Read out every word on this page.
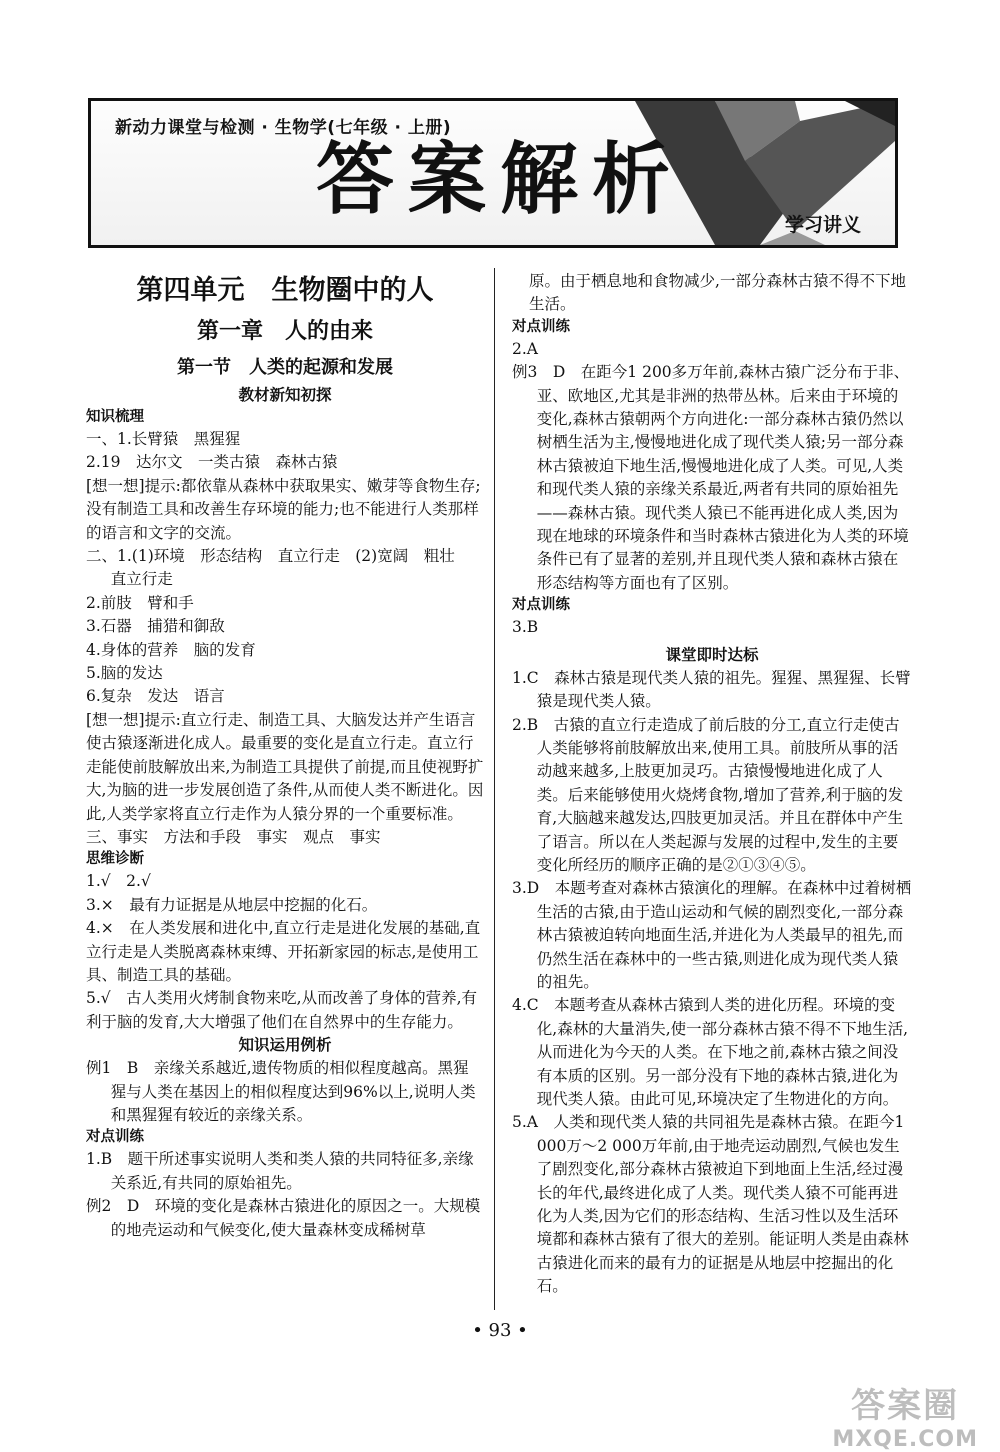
新动力课堂与检测 · 生物学(七年级 · 上册)
答案解析	学习讲义
第四单元　生物圈中的人
第一章　人的由来
第一节　人类的起源和发展
教材新知初探
知识梳理

一、1.长臂猿　黑猩猩

2.19　达尔文　一类古猿　森林古猿

[想一想]提示:都依靠从森林中获取果实、嫩芽等食物生存;没有制造工具和改善生存环境的能力;也不能进行人类那样的语言和文字的交流。

二、1.(1)环境　形态结构　直立行走　(2)宽阔　粗壮　直立行走

2.前肢　臂和手

3.石器　捕猎和御敌

4.身体的营养　脑的发育

5.脑的发达

6.复杂　发达　语言

[想一想]提示:直立行走、制造工具、大脑发达并产生语言使古猿逐渐进化成人。最重要的变化是直立行走。直立行走能使前肢解放出来,为制造工具提供了前提,而且使视野扩大,为脑的进一步发展创造了条件,从而使人类不断进化。因此,人类学家将直立行走作为人猿分界的一个重要标准。

三、事实　方法和手段　事实　观点　事实

思维诊断

1.√　2.√

3.×　最有力证据是从地层中挖掘的化石。

4.×　在人类发展和进化中,直立行走是进化发展的基础,直立行走是人类脱离森林束缚、开拓新家园的标志,是使用工具、制造工具的基础。

5.√　古人类用火烤制食物来吃,从而改善了身体的营养,有利于脑的发育,大大增强了他们在自然界中的生存能力。

知识运用例析

例1　B　亲缘关系越近,遗传物质的相似程度越高。黑猩猩与人类在基因上的相似程度达到96%以上,说明人类和黑猩猩有较近的亲缘关系。

对点训练

1.B　题干所述事实说明人类和类人猿的共同特征多,亲缘关系近,有共同的原始祖先。

例2　D　环境的变化是森林古猿进化的原因之一。大规模的地壳运动和气候变化,使大量森林变成稀树草

原。由于栖息地和食物减少,一部分森林古猿不得不下地生活。

对点训练

2.A

例3　D　在距今1 200多万年前,森林古猿广泛分布于非、亚、欧地区,尤其是非洲的热带丛林。后来由于环境的变化,森林古猿朝两个方向进化:一部分森林古猿仍然以树栖生活为主,慢慢地进化成了现代类人猿;另一部分森林古猿被迫下地生活,慢慢地进化成了人类。可见,人类和现代类人猿的亲缘关系最近,两者有共同的原始祖先——森林古猿。现代类人猿已不能再进化成人类,因为现在地球的环境条件和当时森林古猿进化为人类的环境条件已有了显著的差别,并且现代类人猿和森林古猿在形态结构等方面也有了区别。

对点训练

3.B

课堂即时达标

1.C　森林古猿是现代类人猿的祖先。猩猩、黑猩猩、长臂猿是现代类人猿。

2.B　古猿的直立行走造成了前后肢的分工,直立行走使古人类能够将前肢解放出来,使用工具。前肢所从事的活动越来越多,上肢更加灵巧。古猿慢慢地进化成了人类。后来能够使用火烧烤食物,增加了营养,利于脑的发育,大脑越来越发达,四肢更加灵活。并且在群体中产生了语言。所以在人类起源与发展的过程中,发生的主要变化所经历的顺序正确的是②①③④⑤。

3.D　本题考查对森林古猿演化的理解。在森林中过着树栖生活的古猿,由于造山运动和气候的剧烈变化,一部分森林古猿被迫转向地面生活,并进化为人类最早的祖先,而仍然生活在森林中的一些古猿,则进化成为现代类人猿的祖先。

4.C　本题考查从森林古猿到人类的进化历程。环境的变化,森林的大量消失,使一部分森林古猿不得不下地生活,从而进化为今天的人类。在下地之前,森林古猿之间没有本质的区别。另一部分没有下地的森林古猿,进化为现代类人猿。由此可见,环境决定了生物进化的方向。

5.A　人类和现代类人猿的共同祖先是森林古猿。在距今1 000万～2 000万年前,由于地壳运动剧烈,气候也发生了剧烈变化,部分森林古猿被迫下到地面上生活,经过漫长的年代,最终进化成了人类。现代类人猿不可能再进化为人类,因为它们的形态结构、生活习性以及生活环境都和森林古猿有了很大的差别。能证明人类是由森林古猿进化而来的最有力的证据是从地层中挖掘出的化石。

• 93 •
答案圈
MXQE.COM
